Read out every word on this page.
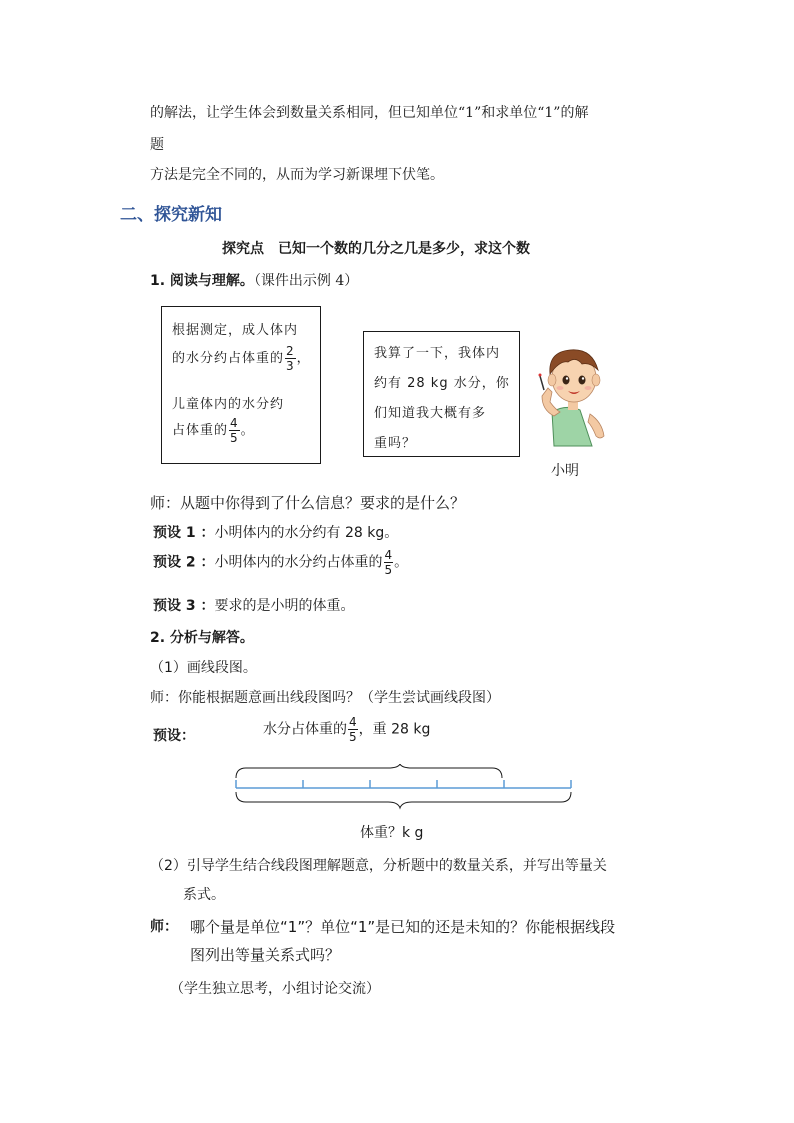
的解法，让学生体会到数量关系相同，但已知单位“1”和求单位“1”的解
题
方法是完全不同的，从而为学习新课埋下伏笔。
二、探究新知
探究点　已知一个数的几分之几是多少，求这个数
1. 阅读与理解。（课件出示例 4）
根据测定，成人体内
的水分约占体重的 $\frac{2}{3}$ ，
儿童体内的水分约
占体重的 $\frac{4}{5}$ 。
我算了一下，我体内
约有 28 kg 水分，你
们知道我大概有多
重吗？
小明
师：从题中你得到了什么信息？要求的是什么？
预设 1 ：小明体内的水分约有 28 kg。
预设 2 ：小明体内的水分约占体重的 $\frac{4}{5}$ 。
预设 3 ：要求的是小明的体重。
2. 分析与解答。
（1）画线段图。
师：你能根据题意画出线段图吗？（学生尝试画线段图）
预设：	水分占体重的 $\frac{4}{5}$ ，重 28 kg
体重？k g
（2）引导学生结合线段图理解题意，分析题中的数量关系，并写出等量关
系式。
师： 哪个量是单位“1”？单位“1”是已知的还是未知的？你能根据线段
图列出等量关系式吗？
（学生独立思考，小组讨论交流）
